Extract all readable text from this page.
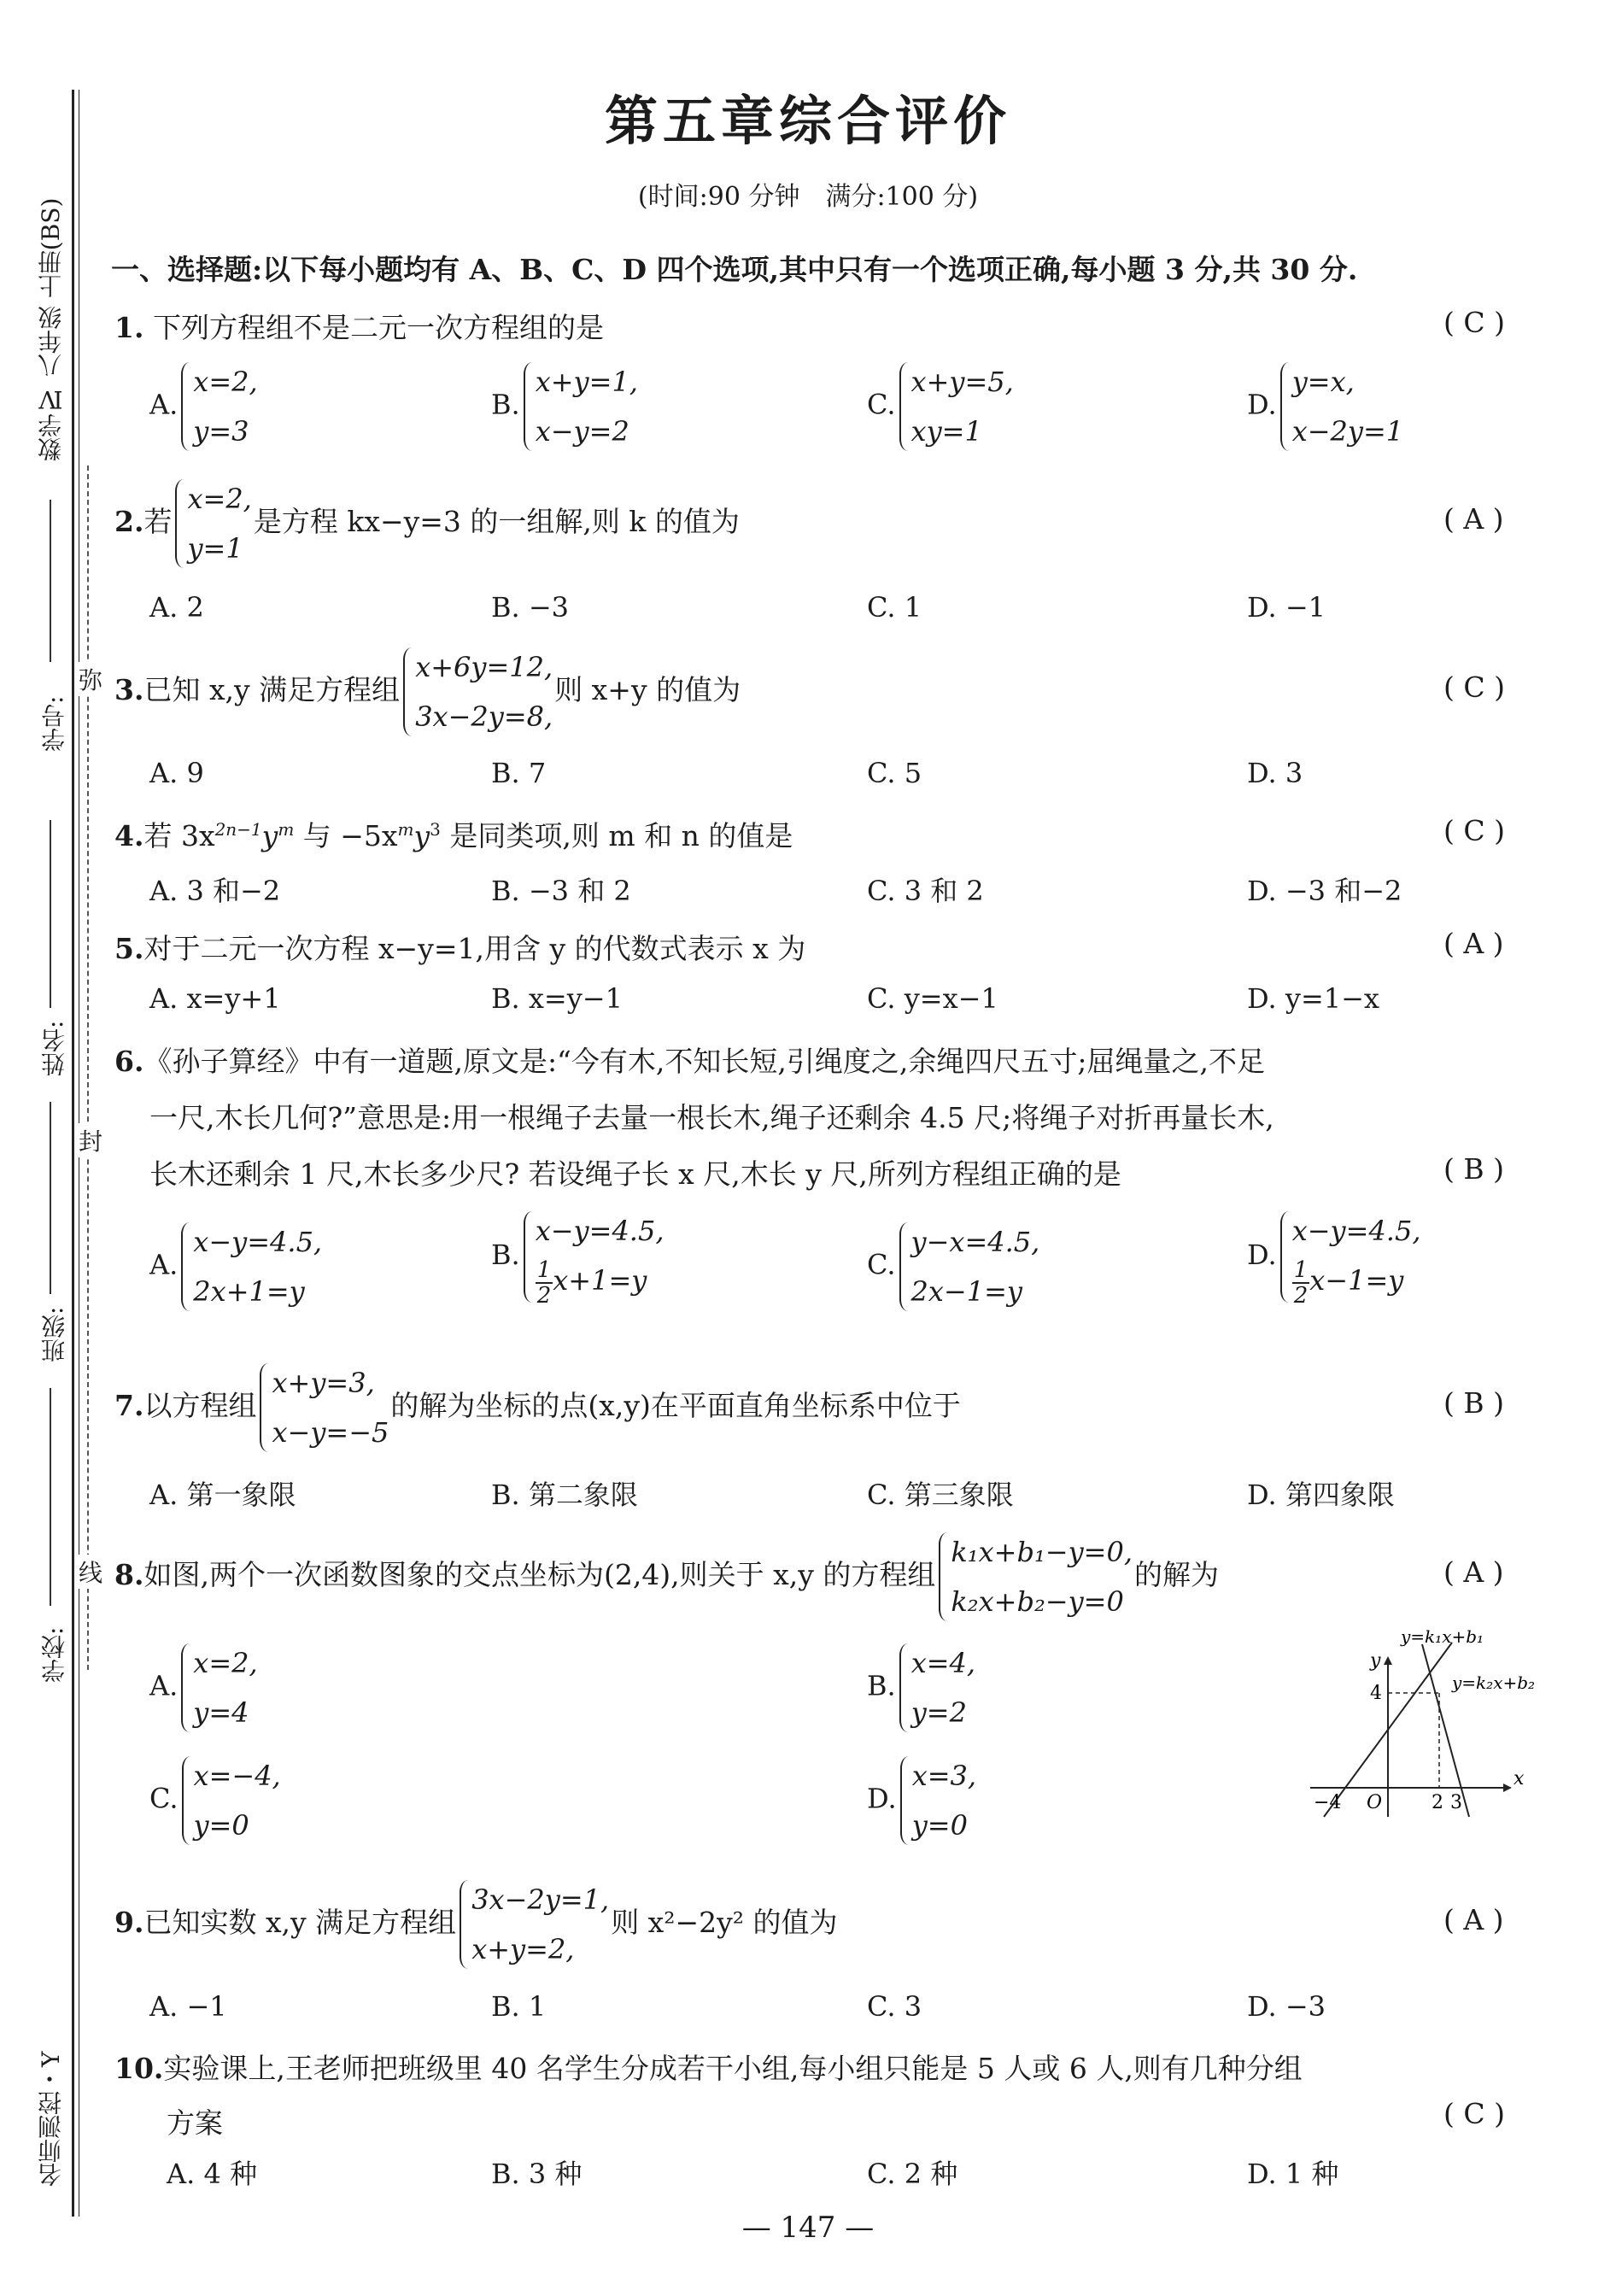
数学Ⅳ 八年级 上册(BS)
学号:
姓名:
班级:
学校:
名师测控・Y
弥
封
线
第五章综合评价
(时间:90 分钟　满分:100 分)
一、选择题:以下每小题均有 A、B、C、D 四个选项,其中只有一个选项正确,每小题 3 分,共 30 分.
1. 下列方程组不是二元一次方程组的是	( C )
A.
x=2,
y=3
B.
x+y=1,
x−y=2
C.
x+y=5,
xy=1
D.
y=x,
x−2y=1
2.若
x=2,
y=1
是方程 kx−y=3 的一组解,则 k 的值为	( A )
A. 2	B. −3	C. 1	D. −1
3.已知 x,y 满足方程组
x+6y=12,
3x−2y=8,
则 x+y 的值为	( C )
A. 9	B. 7	C. 5	D. 3
4.若 $3x^{2n-1}y^m$ 与 $-5x^my^3$ 是同类项,则 m 和 n 的值是	( C )
A. 3 和−2	B. −3 和 2	C. 3 和 2	D. −3 和−2
5.对于二元一次方程 x−y=1,用含 y 的代数式表示 x 为	( A )
A. x=y+1	B. x=y−1	C. y=x−1	D. y=1−x
6.《孙子算经》中有一道题,原文是:“今有木,不知长短,引绳度之,余绳四尺五寸;屈绳量之,不足
一尺,木长几何?”意思是:用一根绳子去量一根长木,绳子还剩余 4.5 尺;将绳子对折再量长木,
长木还剩余 1 尺,木长多少尺? 若设绳子长 x 尺,木长 y 尺,所列方程组正确的是	( B )
A.
x−y=4.5,
2x+1=y
B.
x−y=4.5,
$\frac{1}{2} x+1=y$	C.
y−x=4.5,
2x−1=y
D.
x−y=4.5,
$\frac{1}{2} x-1=y$
7.以方程组
x+y=3,
x−y=−5
的解为坐标的点(x,y)在平面直角坐标系中位于	( B )
A. 第一象限	B. 第二象限	C. 第三象限	D. 第四象限
8.如图,两个一次函数图象的交点坐标为(2,4),则关于 x,y 的方程组
k₁x+b₁−y=0,
k₂x+b₂−y=0
的解为	( A )
A.
x=2,
y=4
B.
x=4,
y=2
C.
x=−4,
y=0
D.
x=3,
y=0
y=k₁x+b₁
y=k₂x+b₂
y
x
4
−4 O	2 3
9.已知实数 x,y 满足方程组
3x−2y=1,
x+y=2,
则 x²−2y² 的值为	( A )
A. −1	B. 1	C. 3	D. −3
10.实验课上,王老师把班级里 40 名学生分成若干小组,每小组只能是 5 人或 6 人,则有几种分组
方案	( C )
A. 4 种	B. 3 种	C. 2 种	D. 1 种
— 147 —
